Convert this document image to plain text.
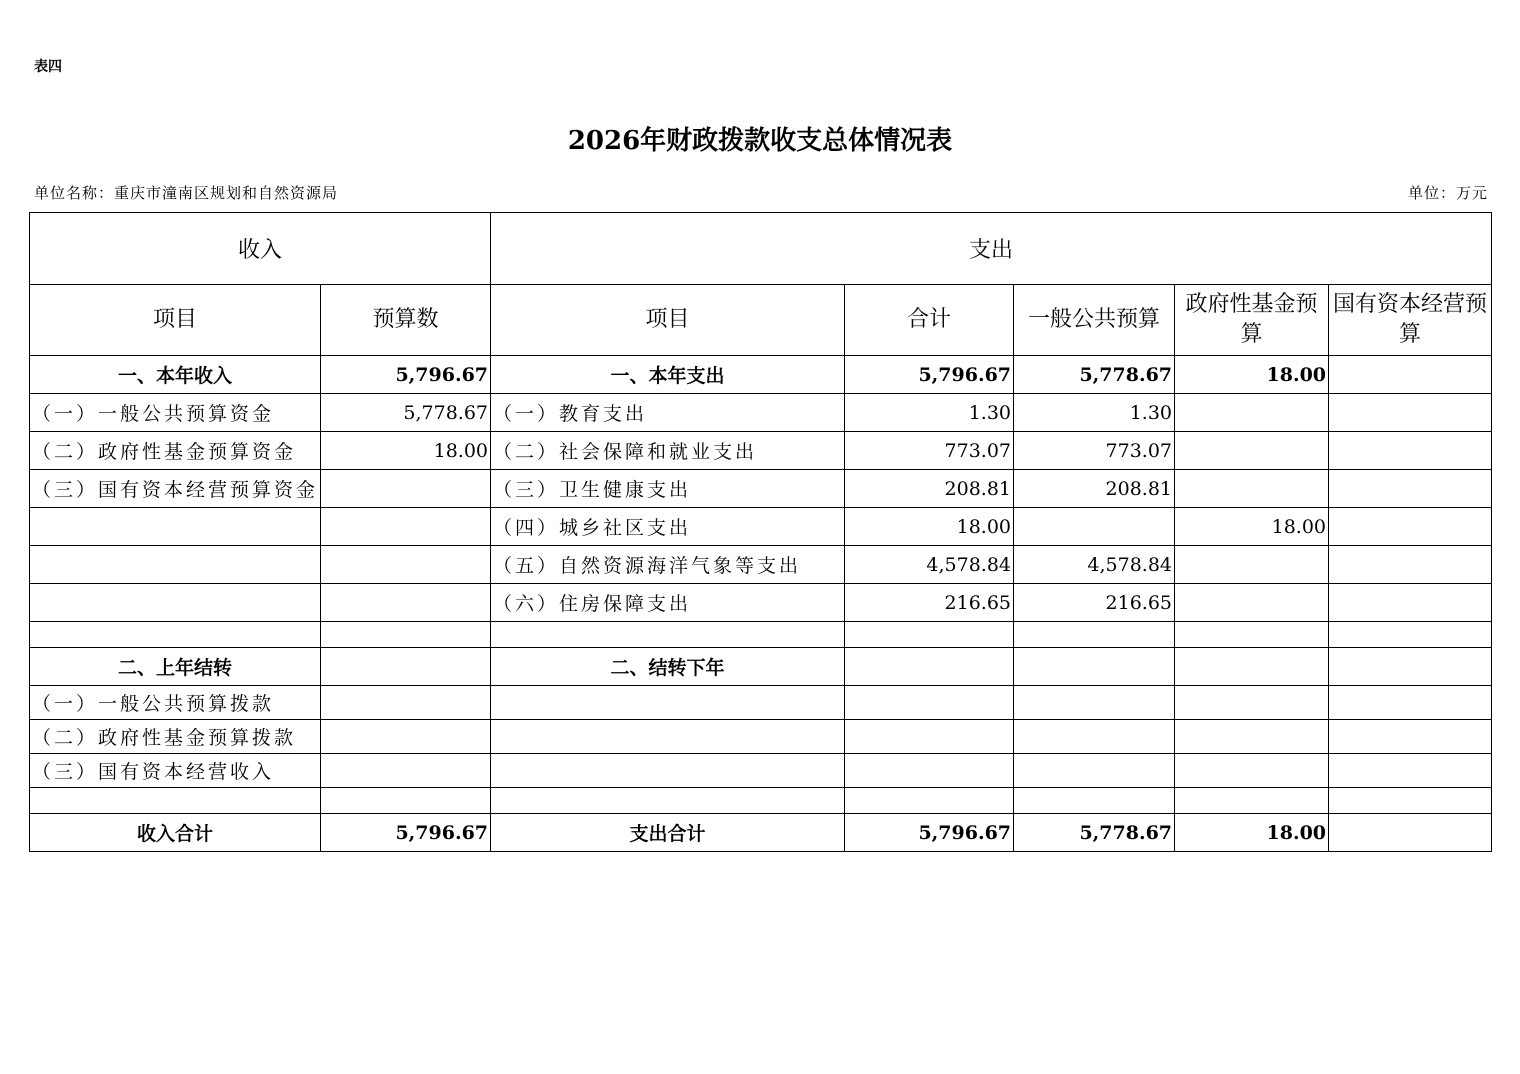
表四
2026年财政拨款收支总体情况表
单位名称：重庆市潼南区规划和自然资源局	单位：万元
收入		支出				
项目	预算数	项目	合计	一般公共预算	政府性基金预算	国有资本经营预算
一、本年收入	5,796.67	一、本年支出	5,796.67	5,778.67	18.00	
（一）一般公共预算资金	5,778.67	（一）教育支出	1.30	1.30		
（二）政府性基金预算资金	18.00	（二）社会保障和就业支出	773.07	773.07		
（三）国有资本经营预算资金		（三）卫生健康支出	208.81	208.81		
		（四）城乡社区支出	18.00		18.00	
		（五）自然资源海洋气象等支出	4,578.84	4,578.84		
		（六）住房保障支出	216.65	216.65		

二、上年结转		二、结转下年				
（一）一般公共预算拨款						
（二）政府性基金预算拨款						
（三）国有资本经营收入						

收入合计	5,796.67	支出合计	5,796.67	5,778.67	18.00	
